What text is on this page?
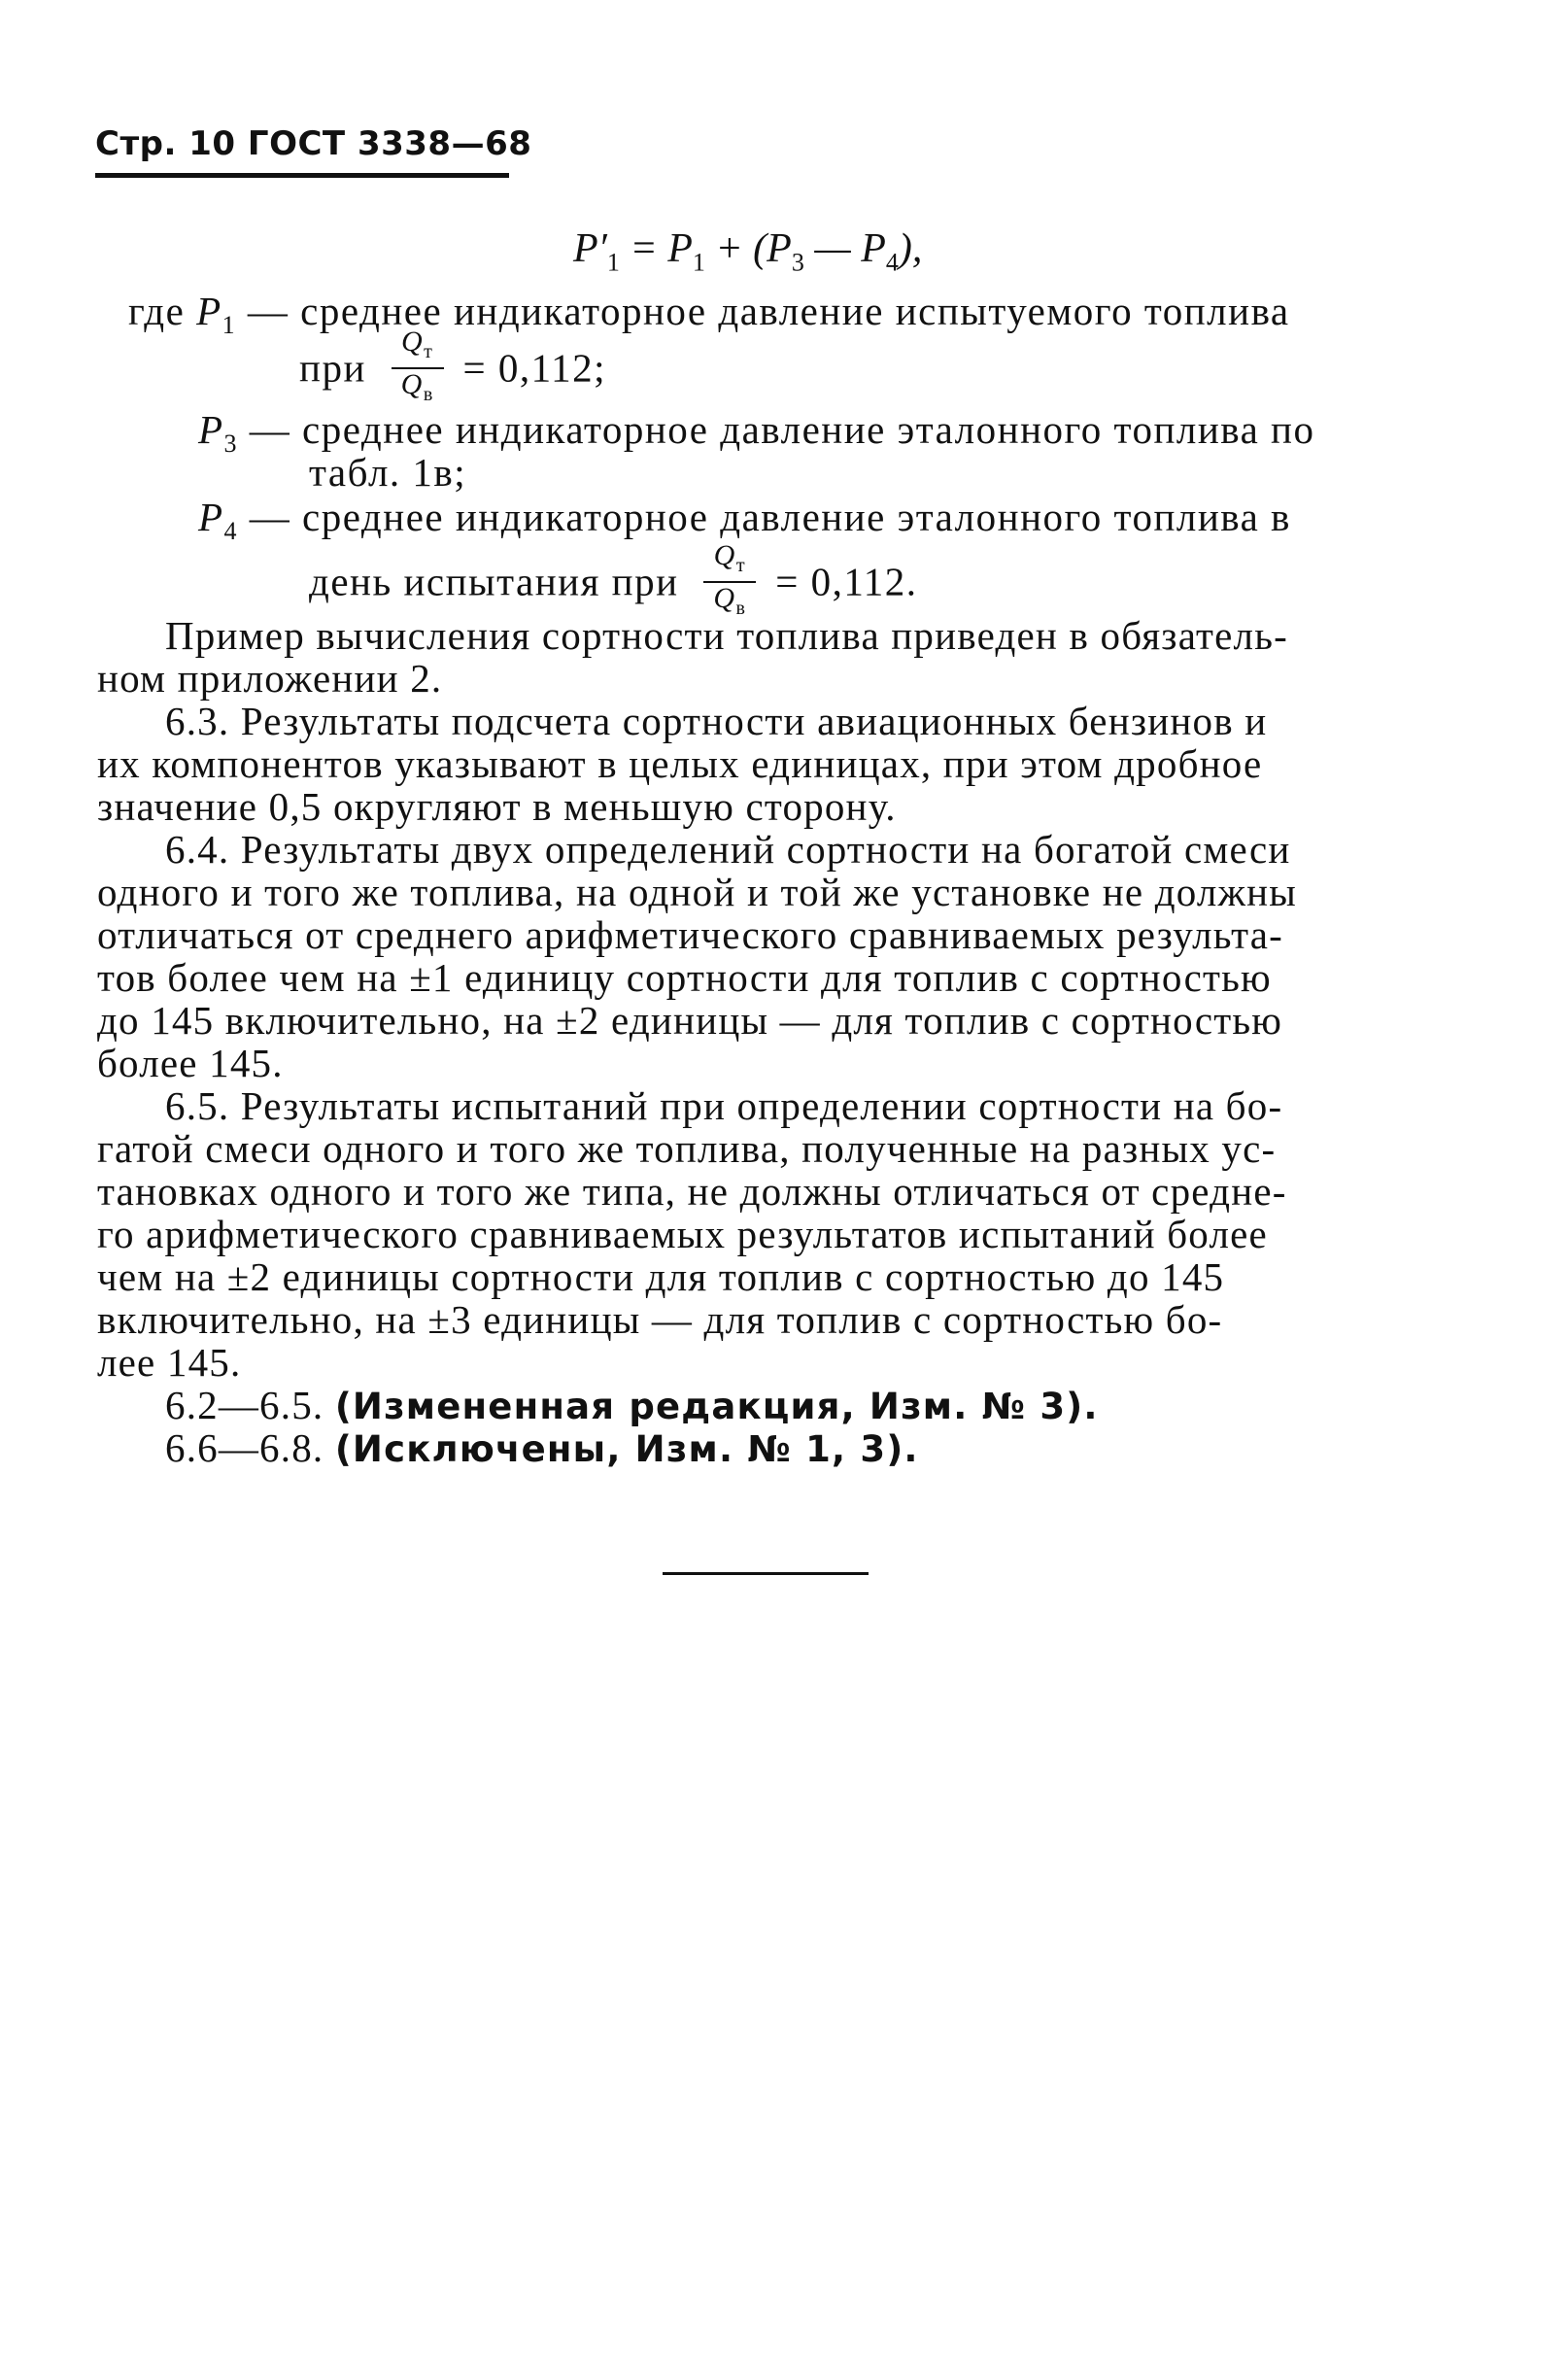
Стр. 10 ГОСТ 3338—68
$P'_1 = P_1 + (P_3$ — $P_4$),
где $P_1$ — среднее индикаторное давление испытуемого топлива
при $\frac{Q_т}{Q_в} = 0,112$;
$P_3$ — среднее индикаторное давление эталонного топлива по
табл. 1в;
$P_4$ — среднее индикаторное давление эталонного топлива в
день испытания при $\frac{Q_т}{Q_в} = 0,112$.
Пример вычисления сортности топлива приведен в обязатель-
ном приложении 2.
6.3. Результаты подсчета сортности авиационных бензинов и
их компонентов указывают в целых единицах, при этом дробное
значение 0,5 округляют в меньшую сторону.
6.4. Результаты двух определений сортности на богатой смеси
одного и того же топлива, на одной и той же установке не должны
отличаться от среднего арифметического сравниваемых результа-
тов более чем на ±1 единицу сортности для топлив с сортностью
до 145 включительно, на ±2 единицы — для топлив с сортностью
более 145.
6.5. Результаты испытаний при определении сортности на бо-
гатой смеси одного и того же топлива, полученные на разных ус-
тановках одного и того же типа, не должны отличаться от средне-
го арифметического сравниваемых результатов испытаний более
чем на ±2 единицы сортности для топлив с сортностью до 145
включительно, на ±3 единицы — для топлив с сортностью бо-
лее 145.
6.2—6.5. (Измененная редакция, Изм. № 3).
6.6—6.8. (Исключены, Изм. № 1, 3).
